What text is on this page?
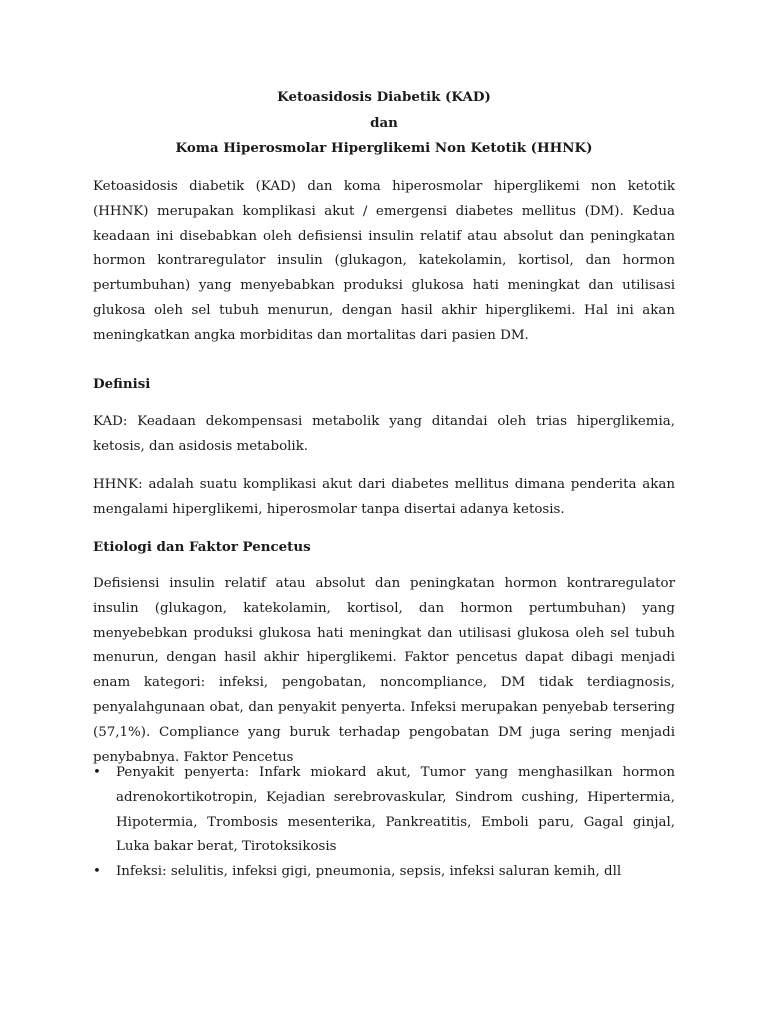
Ketoasidosis Diabetik (KAD)
dan
Koma Hiperosmolar Hiperglikemi Non Ketotik (HHNK)

Ketoasidosis diabetik (KAD) dan koma hiperosmolar hiperglikemi non ketotik (HHNK) merupakan komplikasi akut / emergensi diabetes mellitus (DM). Kedua keadaan ini disebabkan oleh defisiensi insulin relatif atau absolut dan peningkatan hormon kontraregulator insulin (glukagon, katekolamin, kortisol, dan hormon pertumbuhan) yang menyebabkan produksi glukosa hati meningkat dan utilisasi glukosa oleh sel tubuh menurun, dengan hasil akhir hiperglikemi. Hal ini akan meningkatkan angka morbiditas dan mortalitas dari pasien DM.

Definisi

KAD: Keadaan dekompensasi metabolik yang ditandai oleh trias hiperglikemia, ketosis, dan asidosis metabolik.

HHNK: adalah suatu komplikasi akut dari diabetes mellitus dimana penderita akan mengalami hiperglikemi, hiperosmolar tanpa disertai adanya ketosis.

Etiologi dan Faktor Pencetus

Defisiensi insulin relatif atau absolut dan peningkatan hormon kontraregulator insulin (glukagon, katekolamin, kortisol, dan hormon pertumbuhan) yang menyebebkan produksi glukosa hati meningkat dan utilisasi glukosa oleh sel tubuh menurun, dengan hasil akhir hiperglikemi. Faktor pencetus dapat dibagi menjadi enam kategori: infeksi, pengobatan, noncompliance, DM tidak terdiagnosis, penyalahgunaan obat, dan penyakit penyerta. Infeksi merupakan penyebab tersering (57,1%). Compliance yang buruk terhadap pengobatan DM juga sering menjadi penybabnya. Faktor Pencetus

• Penyakit penyerta: Infark miokard akut, Tumor yang menghasilkan hormon adrenokortikotropin, Kejadian serebrovaskular, Sindrom cushing, Hipertermia, Hipotermia, Trombosis mesenterika, Pankreatitis, Emboli paru, Gagal ginjal, Luka bakar berat, Tirotoksikosis
• Infeksi: selulitis, infeksi gigi, pneumonia, sepsis, infeksi saluran kemih, dll
